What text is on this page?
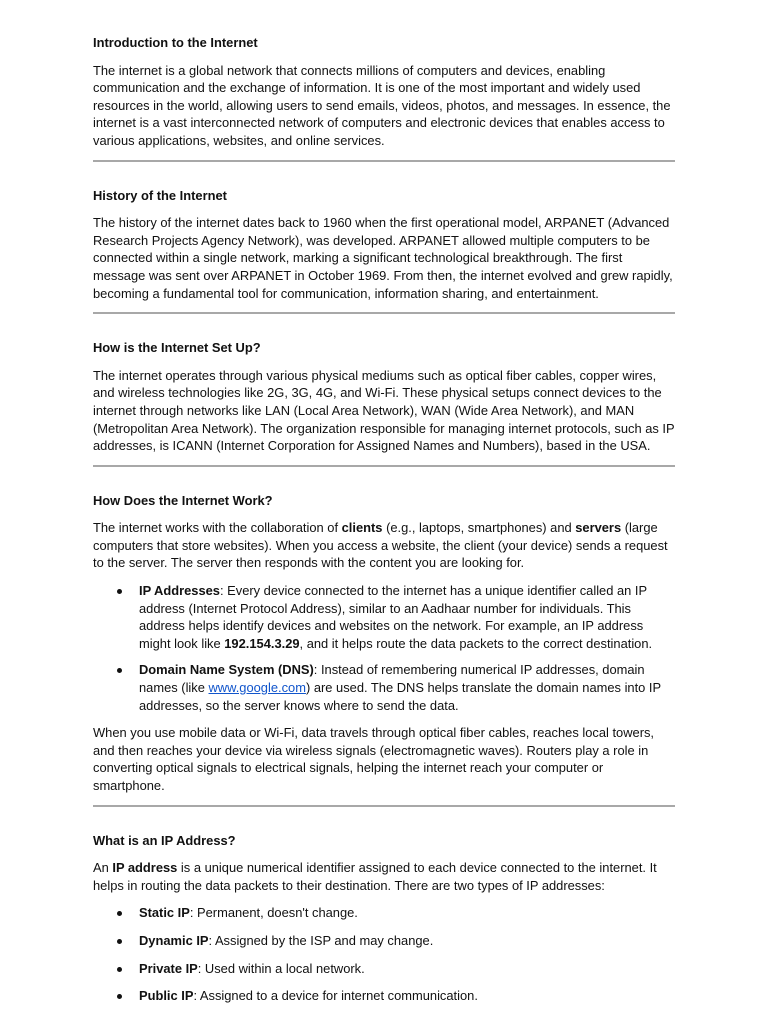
Introduction to the Internet

The internet is a global network that connects millions of computers and devices, enabling communication and the exchange of information. It is one of the most important and widely used resources in the world, allowing users to send emails, videos, photos, and messages. In essence, the internet is a vast interconnected network of computers and electronic devices that enables access to various applications, websites, and online services.

History of the Internet

The history of the internet dates back to 1960 when the first operational model, ARPANET (Advanced Research Projects Agency Network), was developed. ARPANET allowed multiple computers to be connected within a single network, marking a significant technological breakthrough. The first message was sent over ARPANET in October 1969. From then, the internet evolved and grew rapidly, becoming a fundamental tool for communication, information sharing, and entertainment.

How is the Internet Set Up?

The internet operates through various physical mediums such as optical fiber cables, copper wires, and wireless technologies like 2G, 3G, 4G, and Wi-Fi. These physical setups connect devices to the internet through networks like LAN (Local Area Network), WAN (Wide Area Network), and MAN (Metropolitan Area Network). The organization responsible for managing internet protocols, such as IP addresses, is ICANN (Internet Corporation for Assigned Names and Numbers), based in the USA.

How Does the Internet Work?

The internet works with the collaboration of clients (e.g., laptops, smartphones) and servers (large computers that store websites). When you access a website, the client (your device) sends a request to the server. The server then responds with the content you are looking for.

IP Addresses: Every device connected to the internet has a unique identifier called an IP address (Internet Protocol Address), similar to an Aadhaar number for individuals. This address helps identify devices and websites on the network. For example, an IP address might look like 192.154.3.29, and it helps route the data packets to the correct destination.
Domain Name System (DNS): Instead of remembering numerical IP addresses, domain names (like www.google.com) are used. The DNS helps translate the domain names into IP addresses, so the server knows where to send the data.

When you use mobile data or Wi-Fi, data travels through optical fiber cables, reaches local towers, and then reaches your device via wireless signals (electromagnetic waves). Routers play a role in converting optical signals to electrical signals, helping the internet reach your computer or smartphone.

What is an IP Address?

An IP address is a unique numerical identifier assigned to each device connected to the internet. It helps in routing the data packets to their destination. There are two types of IP addresses:

Static IP: Permanent, doesn't change.
Dynamic IP: Assigned by the ISP and may change.
Private IP: Used within a local network.
Public IP: Assigned to a device for internet communication.
